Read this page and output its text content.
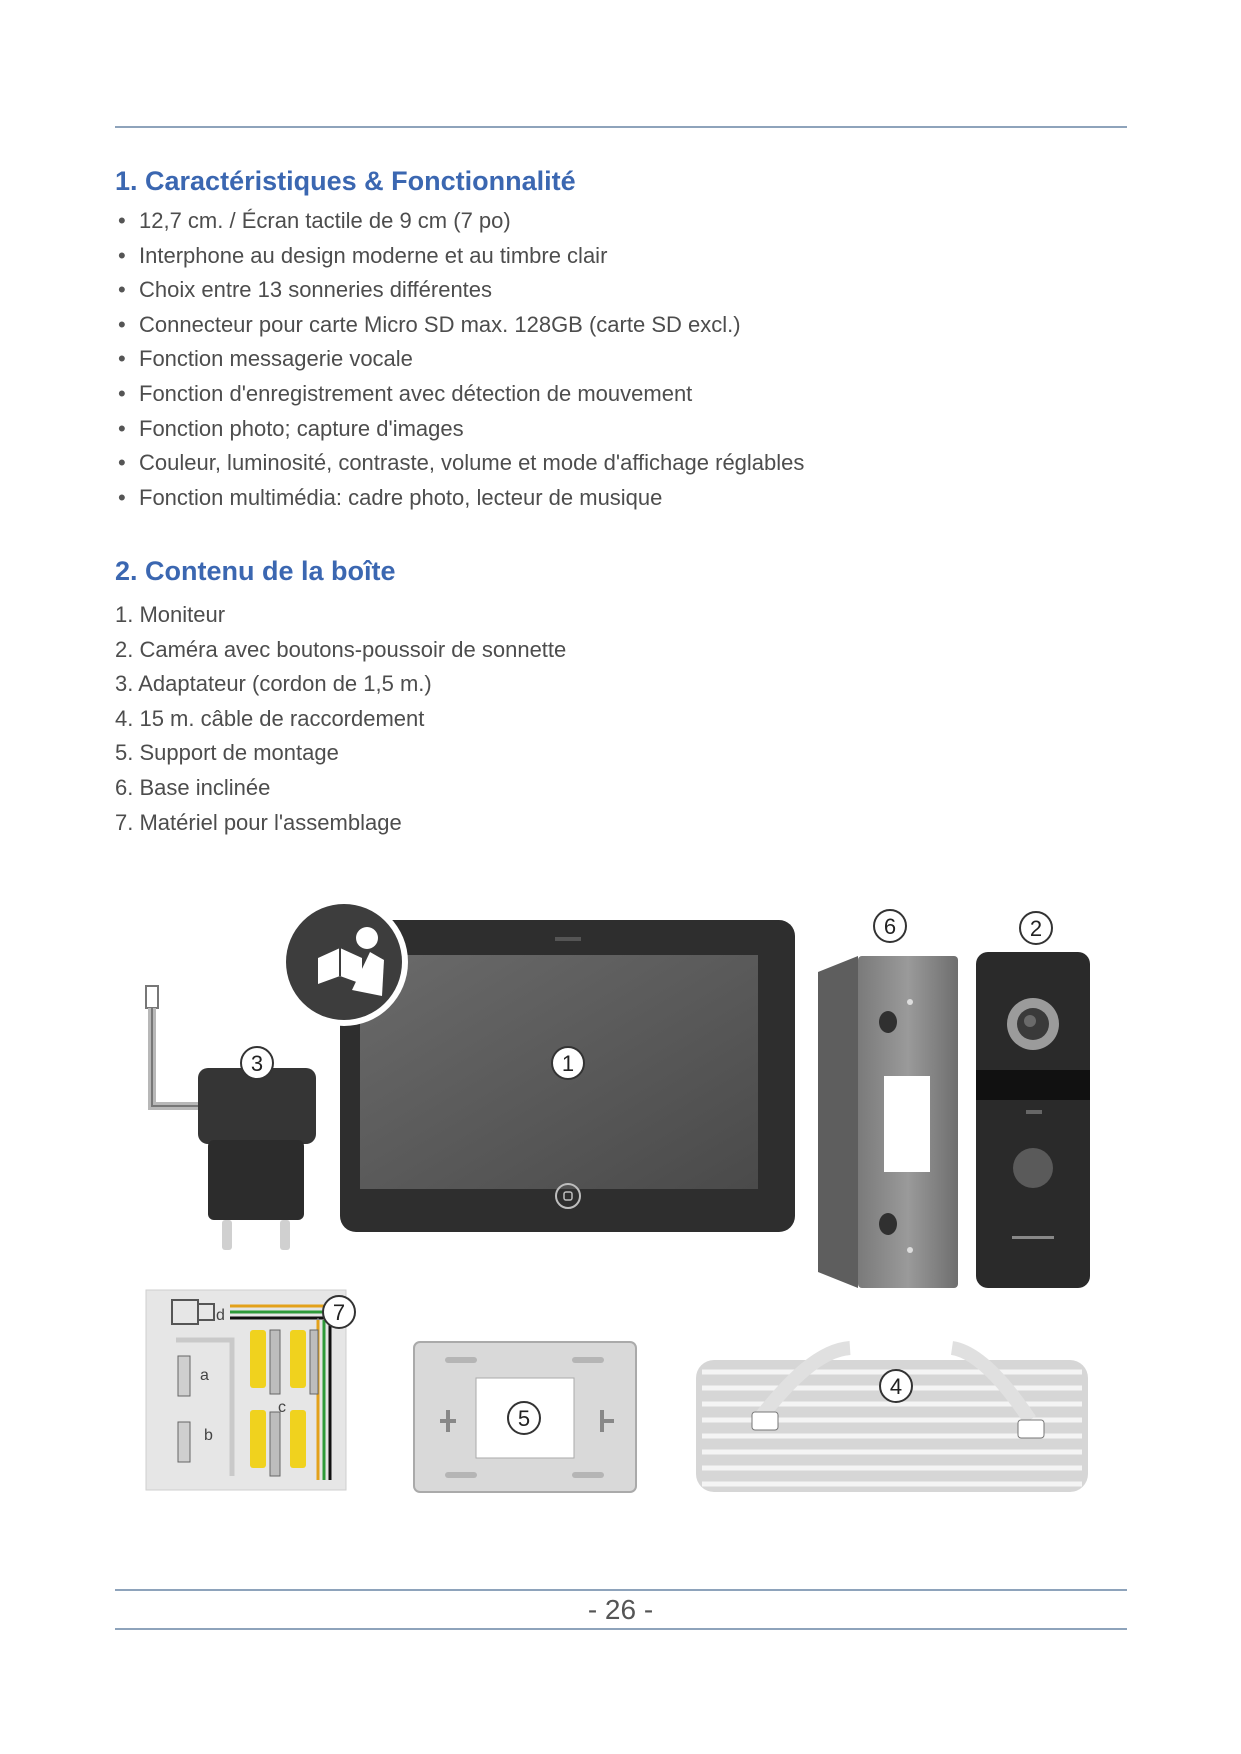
1. Caractéristiques & Fonctionnalité
• 12,7 cm. / Écran tactile de 9 cm (7 po)
• Interphone au design moderne et au timbre clair
• Choix entre 13 sonneries différentes
• Connecteur pour carte Micro SD max. 128GB (carte SD excl.)
• Fonction messagerie vocale
• Fonction d'enregistrement avec détection de mouvement
• Fonction photo; capture d'images
• Couleur, luminosité, contraste, volume et mode d'affichage réglables
• Fonction multimédia: cadre photo, lecteur de musique
2. Contenu de la boîte
1. Moniteur
2. Caméra avec boutons-poussoir de sonnette
3. Adaptateur (cordon de 1,5 m.)
4. 15 m. câble de raccordement
5. Support de montage
6. Base inclinée
7. Matériel pour l'assemblage
d
a
b
c
1
2
3
4
5
6
7
- 26 -
